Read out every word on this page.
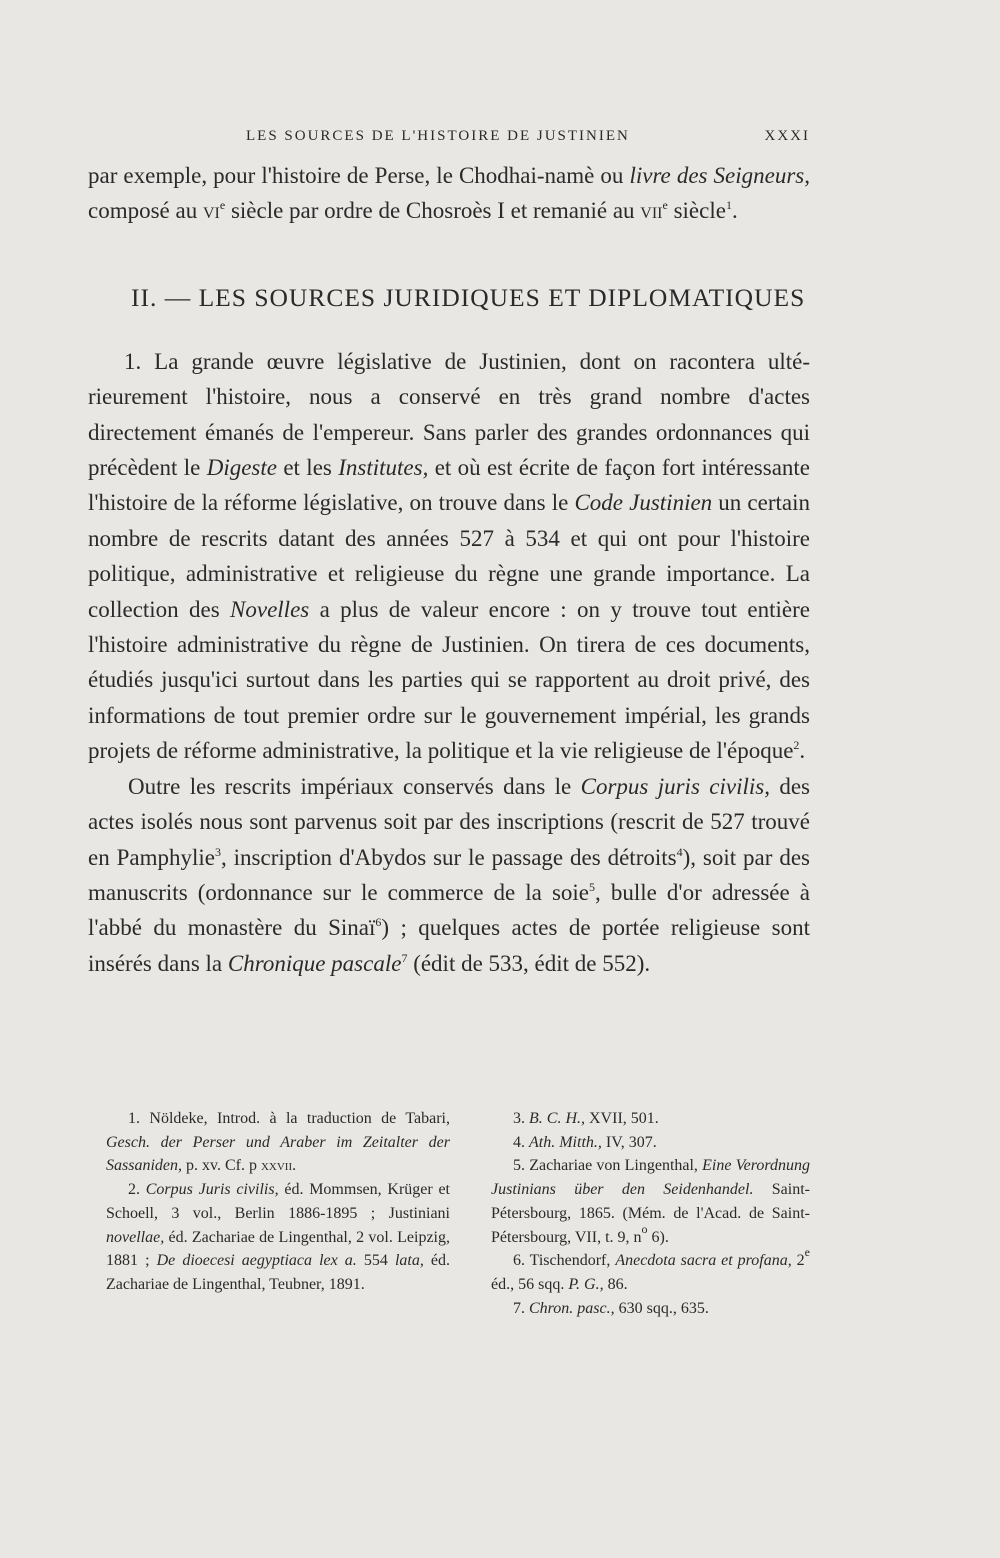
LES SOURCES DE L'HISTOIRE DE JUSTINIEN	XXXI

par exemple, pour l'histoire de Perse, le Chodhai-namè ou livre des Seigneurs, composé au $vi^e$ siècle par ordre de Chosroès I et remanié au vii$^e$ siècle$^1$.

II. — LES SOURCES JURIDIQUES ET DIPLOMATIQUES

1. La grande œuvre législative de Justinien, dont on racontera ultérieurement l'histoire, nous a conservé en très grand nombre d'actes directement émanés de l'empereur. Sans parler des grandes ordonnances qui précèdent le Digeste et les Institutes, et où est écrite de façon fort intéressante l'histoire de la réforme législative, on trouve dans le Code Justinien un certain nombre de rescrits datant des années 527 à 534 et qui ont pour l'histoire politique, administrative et religieuse du règne une grande importance. La collection des Novelles a plus de valeur encore : on y trouve tout entière l'histoire administrative du règne de Justinien. On tirera de ces documents, étudiés jusqu'ici surtout dans les parties qui se rapportent au droit privé, des informations de tout premier ordre sur le gouvernement impérial, les grands projets de réforme administrative, la politique et la vie religieuse de l'époque$^2$.

Outre les rescrits impériaux conservés dans le Corpus juris civilis, des actes isolés nous sont parvenus soit par des inscriptions (rescrit de 527 trouvé en Pamphylie$^3$, inscription d'Abydos sur le passage des détroits$^4$), soit par des manuscrits (ordonnance sur le commerce de la soie$^5$, bulle d'or adressée à l'abbé du monastère du Sinaï$^6$) ; quelques actes de portée religieuse sont insérés dans la Chronique pascale$^7$ (édit de 533, édit de 552).

1. Nöldeke, Introd. à la traduction de Tabari, Gesch. der Perser und Araber im Zeitalter der Sassaniden, p. xv. Cf. p xxvii.

2. Corpus Juris civilis, éd. Mommsen, Krüger et Schoell, 3 vol., Berlin 1886-1895 ; Justiniani novellae, éd. Zachariae de Lingenthal, 2 vol. Leipzig, 1881 ; De dioecesi aegyptiaca lex a. 554 lata, éd. Zachariae de Lingenthal, Teubner, 1891.

3. B. C. H., XVII, 501.

4. Ath. Mitth., IV, 307.

5. Zachariae von Lingenthal, Eine Verordnung Justinians über den Seidenhandel. Saint-Pétersbourg, 1865. (Mém. de l'Acad. de Saint-Pétersbourg, VII, t. 9, $n^o$ 6).

6. Tischendorf, Anecdota sacra et profana, 2e éd., 56 sqq. P. G., 86.

7. Chron. pasc., 630 sqq., 635.
